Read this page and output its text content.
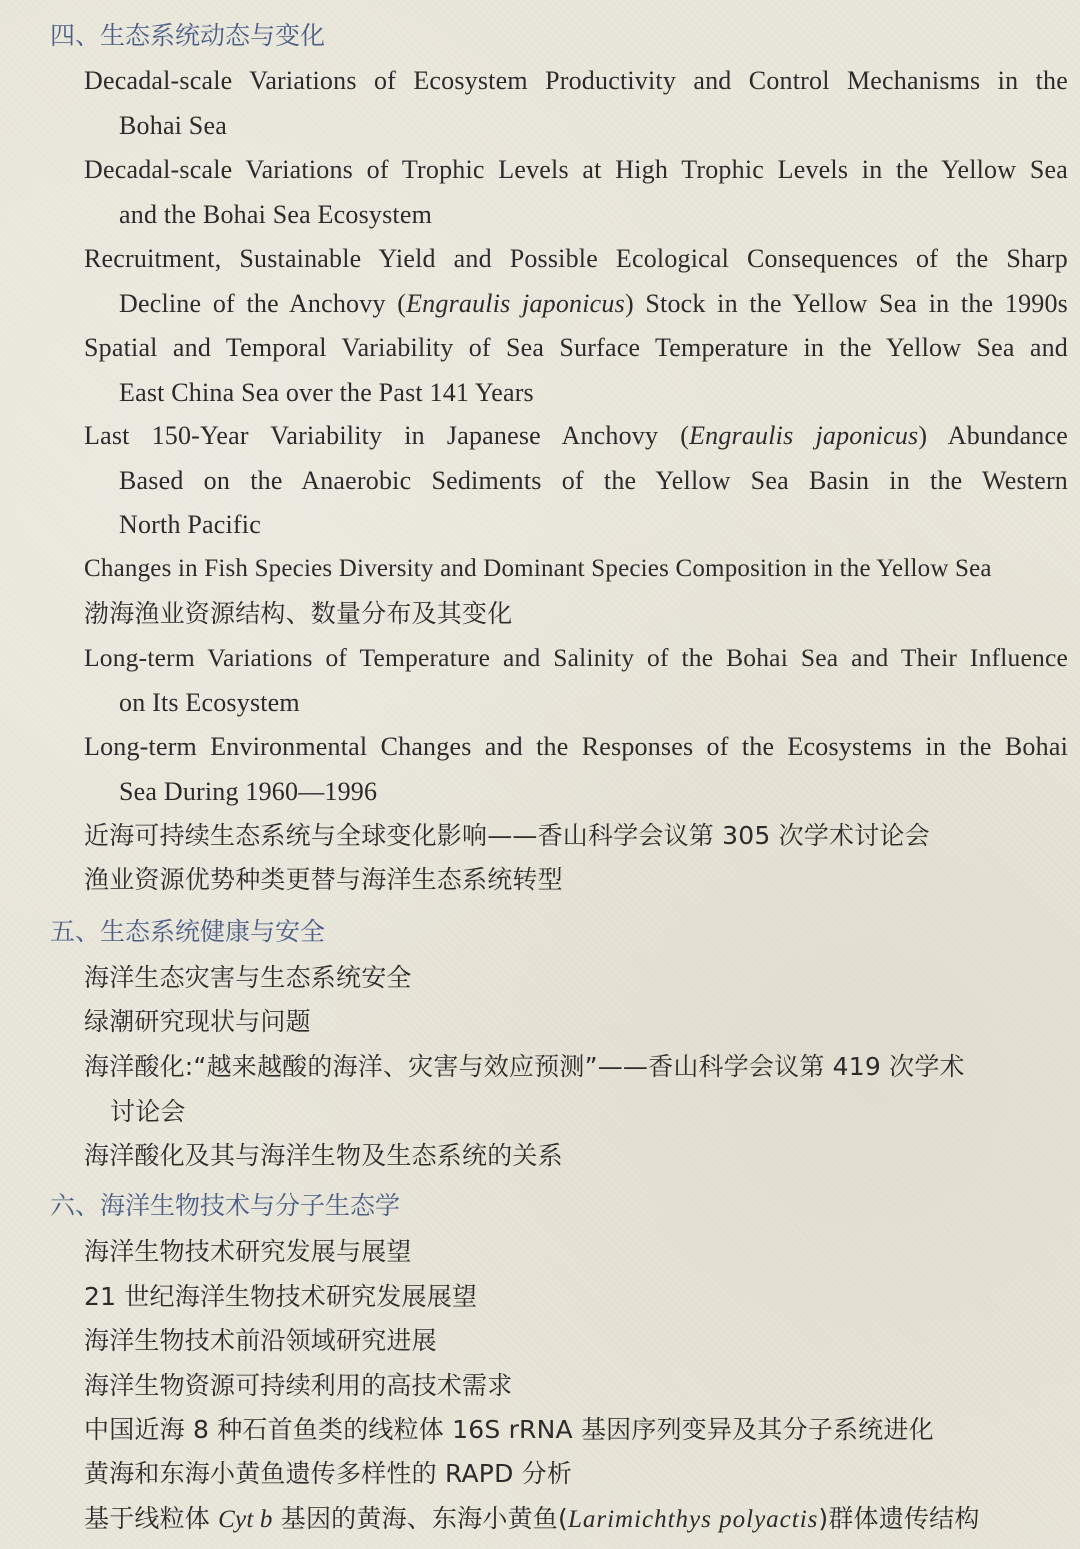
四、生态系统动态与变化
Decadal-scale Variations of Ecosystem Productivity and Control Mechanisms in the
Bohai Sea
Decadal-scale Variations of Trophic Levels at High Trophic Levels in the Yellow Sea
and the Bohai Sea Ecosystem
Recruitment, Sustainable Yield and Possible Ecological Consequences of the Sharp
Decline of the Anchovy (Engraulis japonicus) Stock in the Yellow Sea in the 1990s
Spatial and Temporal Variability of Sea Surface Temperature in the Yellow Sea and
East China Sea over the Past 141 Years
Last 150-Year Variability in Japanese Anchovy (Engraulis japonicus) Abundance
Based on the Anaerobic Sediments of the Yellow Sea Basin in the Western
North Pacific
Changes in Fish Species Diversity and Dominant Species Composition in the Yellow Sea
渤海渔业资源结构、数量分布及其变化
Long-term Variations of Temperature and Salinity of the Bohai Sea and Their Influence
on Its Ecosystem
Long-term Environmental Changes and the Responses of the Ecosystems in the Bohai
Sea During 1960—1996
近海可持续生态系统与全球变化影响——香山科学会议第 305 次学术讨论会
渔业资源优势种类更替与海洋生态系统转型
五、生态系统健康与安全
海洋生态灾害与生态系统安全
绿潮研究现状与问题
海洋酸化:“越来越酸的海洋、灾害与效应预测”——香山科学会议第 419 次学术
讨论会
海洋酸化及其与海洋生物及生态系统的关系
六、海洋生物技术与分子生态学
海洋生物技术研究发展与展望
21 世纪海洋生物技术研究发展展望
海洋生物技术前沿领域研究进展
海洋生物资源可持续利用的高技术需求
中国近海 8 种石首鱼类的线粒体 16S rRNA 基因序列变异及其分子系统进化
黄海和东海小黄鱼遗传多样性的 RAPD 分析
基于线粒体 Cyt b 基因的黄海、东海小黄鱼(Larimichthys polyactis)群体遗传结构
